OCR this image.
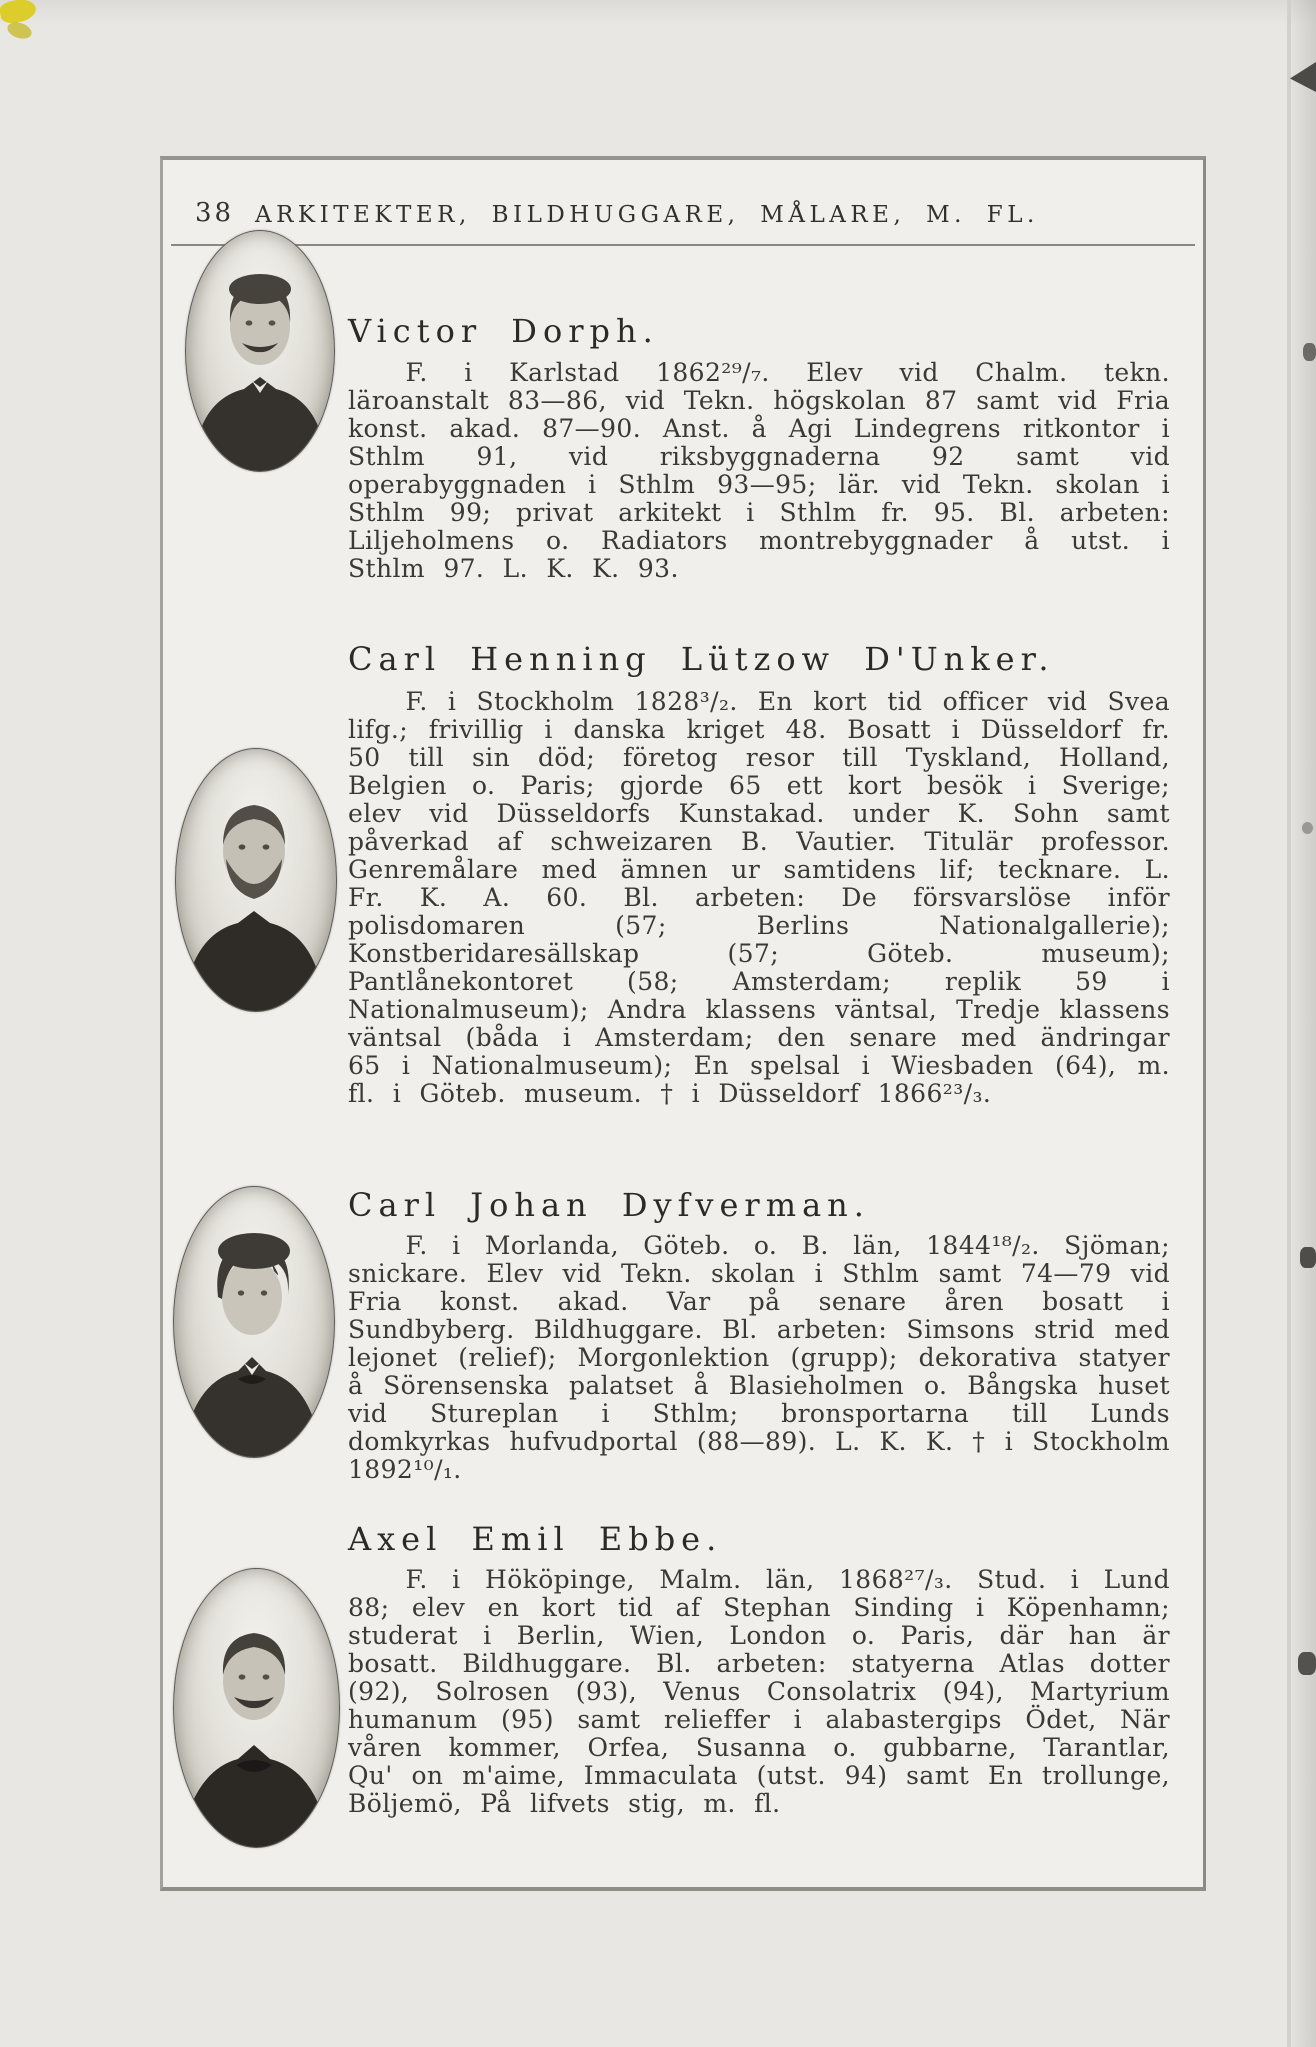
38 ARKITEKTER, BILDHUGGARE, MÅLARE, M. FL.
Victor Dorph.

F. i Karlstad 1862²⁹/₇. Elev vid Chalm. tekn. läroanstalt 83—86, vid Tekn. högskolan 87 samt vid Fria konst. akad. 87—90. Anst. å Agi Lindegrens ritkontor i Sthlm 91, vid riksbyggnaderna 92 samt vid operabyggnaden i Sthlm 93—95; lär. vid Tekn. skolan i Sthlm 99; privat arkitekt i Sthlm fr. 95. Bl. arbeten: Liljeholmens o. Radiators montrebyggnader å utst. i Sthlm 97. L. K. K. 93.

Carl Henning Lützow D'Unker.

F. i Stockholm 1828³/₂. En kort tid officer vid Svea lifg.; frivillig i danska kriget 48. Bosatt i Düsseldorf fr. 50 till sin död; företog resor till Tyskland, Holland, Belgien o. Paris; gjorde 65 ett kort besök i Sverige; elev vid Düsseldorfs Kunstakad. under K. Sohn samt påverkad af schweizaren B. Vautier. Titulär professor. Genremålare med ämnen ur samtidens lif; tecknare. L. Fr. K. A. 60. Bl. arbeten: De försvarslöse inför polisdomaren (57; Berlins Nationalgallerie); Konstberidaresällskap (57; Göteb. museum); Pantlånekontoret (58; Amsterdam; replik 59 i Nationalmuseum); Andra klassens väntsal, Tredje klassens väntsal (båda i Amsterdam; den senare med ändringar 65 i Nationalmuseum); En spelsal i Wiesbaden (64), m. fl. i Göteb. museum. † i Düsseldorf 1866²³/₃.

Carl Johan Dyfverman.

F. i Morlanda, Göteb. o. B. län, 1844¹⁸/₂. Sjöman; snickare. Elev vid Tekn. skolan i Sthlm samt 74—79 vid Fria konst. akad. Var på senare åren bosatt i Sundbyberg. Bildhuggare. Bl. arbeten: Simsons strid med lejonet (relief); Morgonlektion (grupp); dekorativa statyer å Sörensenska palatset å Blasieholmen o. Bångska huset vid Stureplan i Sthlm; bronsportarna till Lunds domkyrkas hufvudportal (88—89). L. K. K. † i Stockholm 1892¹⁰/₁.

Axel Emil Ebbe.

F. i Hököpinge, Malm. län, 1868²⁷/₃. Stud. i Lund 88; elev en kort tid af Stephan Sinding i Köpenhamn; studerat i Berlin, Wien, London o. Paris, där han är bosatt. Bildhuggare. Bl. arbeten: statyerna Atlas dotter (92), Solrosen (93), Venus Consolatrix (94), Martyrium humanum (95) samt relieffer i alabastergips Ödet, När våren kommer, Orfea, Susanna o. gubbarne, Tarantlar, Qu' on m'aime, Immaculata (utst. 94) samt En trollunge, Böljemö, På lifvets stig, m. fl.
